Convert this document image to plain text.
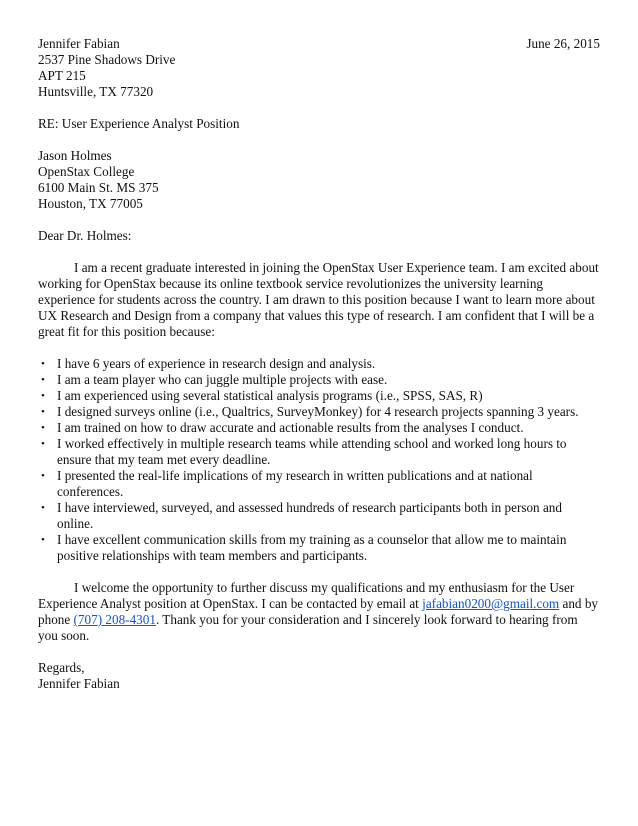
Jennifer Fabian	June 26, 2015
2537 Pine Shadows Drive
APT 215
Huntsville, TX 77320
RE: User Experience Analyst Position
Jason Holmes
OpenStax College
6100 Main St. MS 375
Houston, TX 77005
Dear Dr. Holmes:

I am a recent graduate interested in joining the OpenStax User Experience team. I am excited about working for OpenStax because its online textbook service revolutionizes the university learning experience for students across the country. I am drawn to this position because I want to learn more about UX Research and Design from a company that values this type of research. I am confident that I will be a great fit for this position because:

• I have 6 years of experience in research design and analysis.
• I am a team player who can juggle multiple projects with ease.
• I am experienced using several statistical analysis programs (i.e., SPSS, SAS, R)
• I designed surveys online (i.e., Qualtrics, SurveyMonkey) for 4 research projects spanning 3 years.
• I am trained on how to draw accurate and actionable results from the analyses I conduct.
• I worked effectively in multiple research teams while attending school and worked long hours to ensure that my team met every deadline.
• I presented the real-life implications of my research in written publications and at national conferences.
• I have interviewed, surveyed, and assessed hundreds of research participants both in person and online.
• I have excellent communication skills from my training as a counselor that allow me to maintain positive relationships with team members and participants.

I welcome the opportunity to further discuss my qualifications and my enthusiasm for the User Experience Analyst position at OpenStax. I can be contacted by email at jafabian0200@gmail.com and by phone (707) 208-4301. Thank you for your consideration and I sincerely look forward to hearing from you soon.

Regards,
Jennifer Fabian
